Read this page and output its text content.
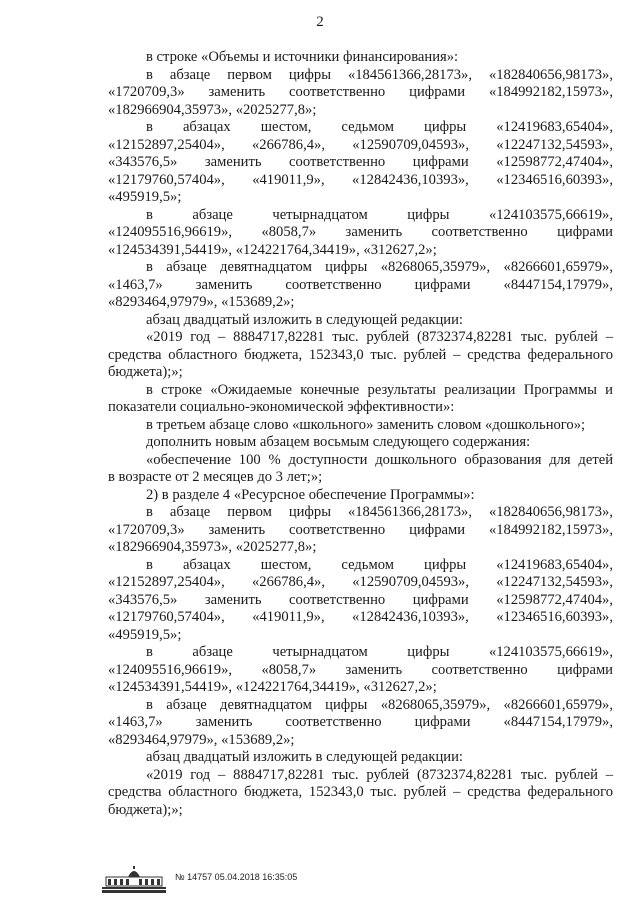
2
в строке «Объемы и источники финансирования»:
в абзаце первом цифры «184561366,28173», «182840656,98173»,
«1720709,3» заменить соответственно цифрами «184992182,15973»,
«182966904,35973», «2025277,8»;
в абзацах шестом, седьмом цифры «12419683,65404»,
«12152897,25404», «266786,4», «12590709,04593», «12247132,54593»,
«343576,5» заменить соответственно цифрами «12598772,47404»,
«12179760,57404», «419011,9», «12842436,10393», «12346516,60393»,
«495919,5»;
в абзаце четырнадцатом цифры «124103575,66619»,
«124095516,96619», «8058,7» заменить соответственно цифрами
«124534391,54419», «124221764,34419», «312627,2»;
в абзаце девятнадцатом цифры «8268065,35979», «8266601,65979»,
«1463,7» заменить соответственно цифрами «8447154,17979»,
«8293464,97979», «153689,2»;
абзац двадцатый изложить в следующей редакции:
«2019 год – 8884717,82281 тыс. рублей (8732374,82281 тыс. рублей –
средства областного бюджета, 152343,0 тыс. рублей – средства федерального
бюджета);»;
в строке «Ожидаемые конечные результаты реализации Программы и
показатели социально-экономической эффективности»:
в третьем абзаце слово «школьного» заменить словом «дошкольного»;
дополнить новым абзацем восьмым следующего содержания:
«обеспечение 100 % доступности дошкольного образования для детей
в возрасте от 2 месяцев до 3 лет;»;
2) в разделе 4 «Ресурсное обеспечение Программы»:
в абзаце первом цифры «184561366,28173», «182840656,98173»,
«1720709,3» заменить соответственно цифрами «184992182,15973»,
«182966904,35973», «2025277,8»;
в абзацах шестом, седьмом цифры «12419683,65404»,
«12152897,25404», «266786,4», «12590709,04593», «12247132,54593»,
«343576,5» заменить соответственно цифрами «12598772,47404»,
«12179760,57404», «419011,9», «12842436,10393», «12346516,60393»,
«495919,5»;
в абзаце четырнадцатом цифры «124103575,66619»,
«124095516,96619», «8058,7» заменить соответственно цифрами
«124534391,54419», «124221764,34419», «312627,2»;
в абзаце девятнадцатом цифры «8268065,35979», «8266601,65979»,
«1463,7» заменить соответственно цифрами «8447154,17979»,
«8293464,97979», «153689,2»;
абзац двадцатый изложить в следующей редакции:
«2019 год – 8884717,82281 тыс. рублей (8732374,82281 тыс. рублей –
средства областного бюджета, 152343,0 тыс. рублей – средства федерального
бюджета);»;
№ 14757 05.04.2018 16:35:05
